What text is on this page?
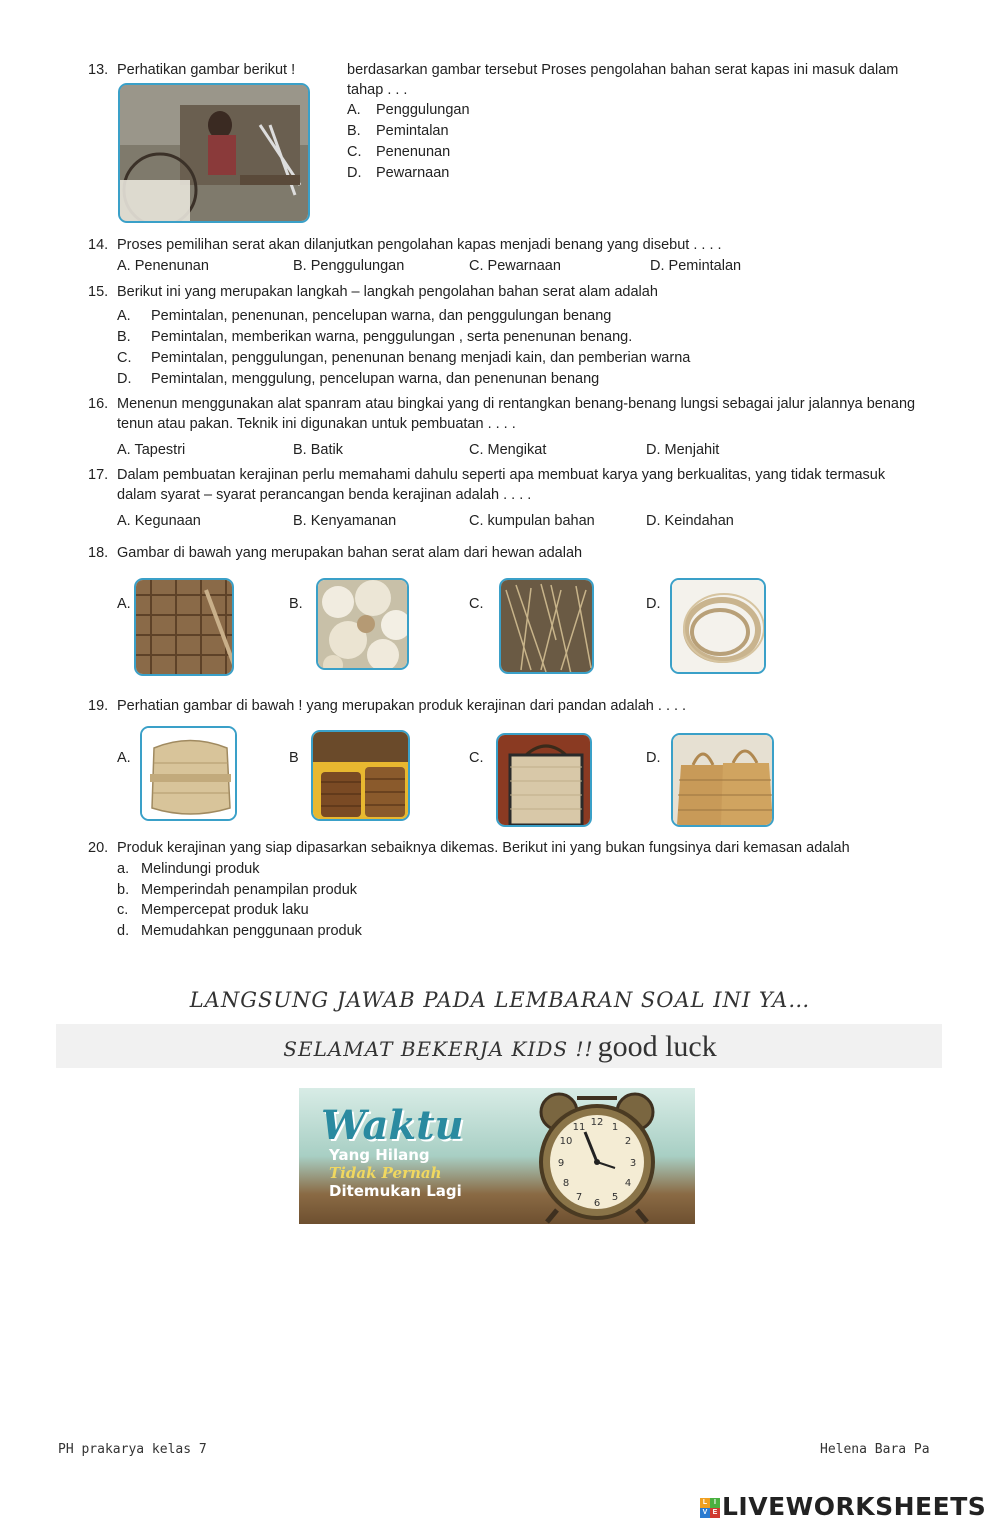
13. Perhatikan gambar berikut !	berdasarkan gambar tersebut Proses pengolahan bahan serat kapas ini masuk dalam
tahap . . .
A. Penggulungan
B. Pemintalan
C. Penenunan
D. Pewarnaan
14. Proses pemilihan serat akan dilanjutkan pengolahan kapas menjadi benang yang disebut . . . .
A. Penenunan	B. Penggulungan	C. Pewarnaan	D. Pemintalan
15. Berikut ini yang merupakan langkah – langkah pengolahan bahan serat alam adalah
A. Pemintalan, penenunan, pencelupan warna, dan penggulungan benang
B. Pemintalan, memberikan warna, penggulungan , serta penenunan benang.
C. Pemintalan, penggulungan, penenunan benang menjadi kain, dan pemberian warna
D. Pemintalan, menggulung, pencelupan warna, dan penenunan benang
16. Menenun menggunakan alat spanram atau bingkai yang di rentangkan benang-benang lungsi sebagai jalur jalannya benang
tenun atau pakan. Teknik ini digunakan untuk pembuatan . . . .
A. Tapestri	B. Batik	C. Mengikat	D. Menjahit
17. Dalam pembuatan kerajinan perlu memahami dahulu seperti apa membuat karya yang berkualitas, yang tidak termasuk
dalam syarat – syarat perancangan benda kerajinan adalah . . . .
A. Kegunaan	B. Kenyamanan	C. kumpulan bahan	D. Keindahan
18. Gambar di bawah yang merupakan bahan serat alam dari hewan adalah
A.	B.	C.	D.
19. Perhatian gambar di bawah ! yang merupakan produk kerajinan dari pandan adalah . . . .
A.	B	C.	D.
20. Produk kerajinan yang siap dipasarkan sebaiknya dikemas. Berikut ini yang bukan fungsinya dari kemasan adalah
a. Melindungi produk
b. Memperindah penampilan produk
c. Mempercepat produk laku
d. Memudahkan penggunaan produk
LANGSUNG JAWAB PADA LEMBARAN SOAL INI YA…
SELAMAT BEKERJA KIDS !! good luck
Waktu
Yang Hilang
Tidak Pernah
Ditemukan Lagi
12 1
2
3
4
5
6
7
8
9
10
11
PH prakarya kelas 7	Helena Bara Pa
L I
V E LIVEWORKSHEETS
